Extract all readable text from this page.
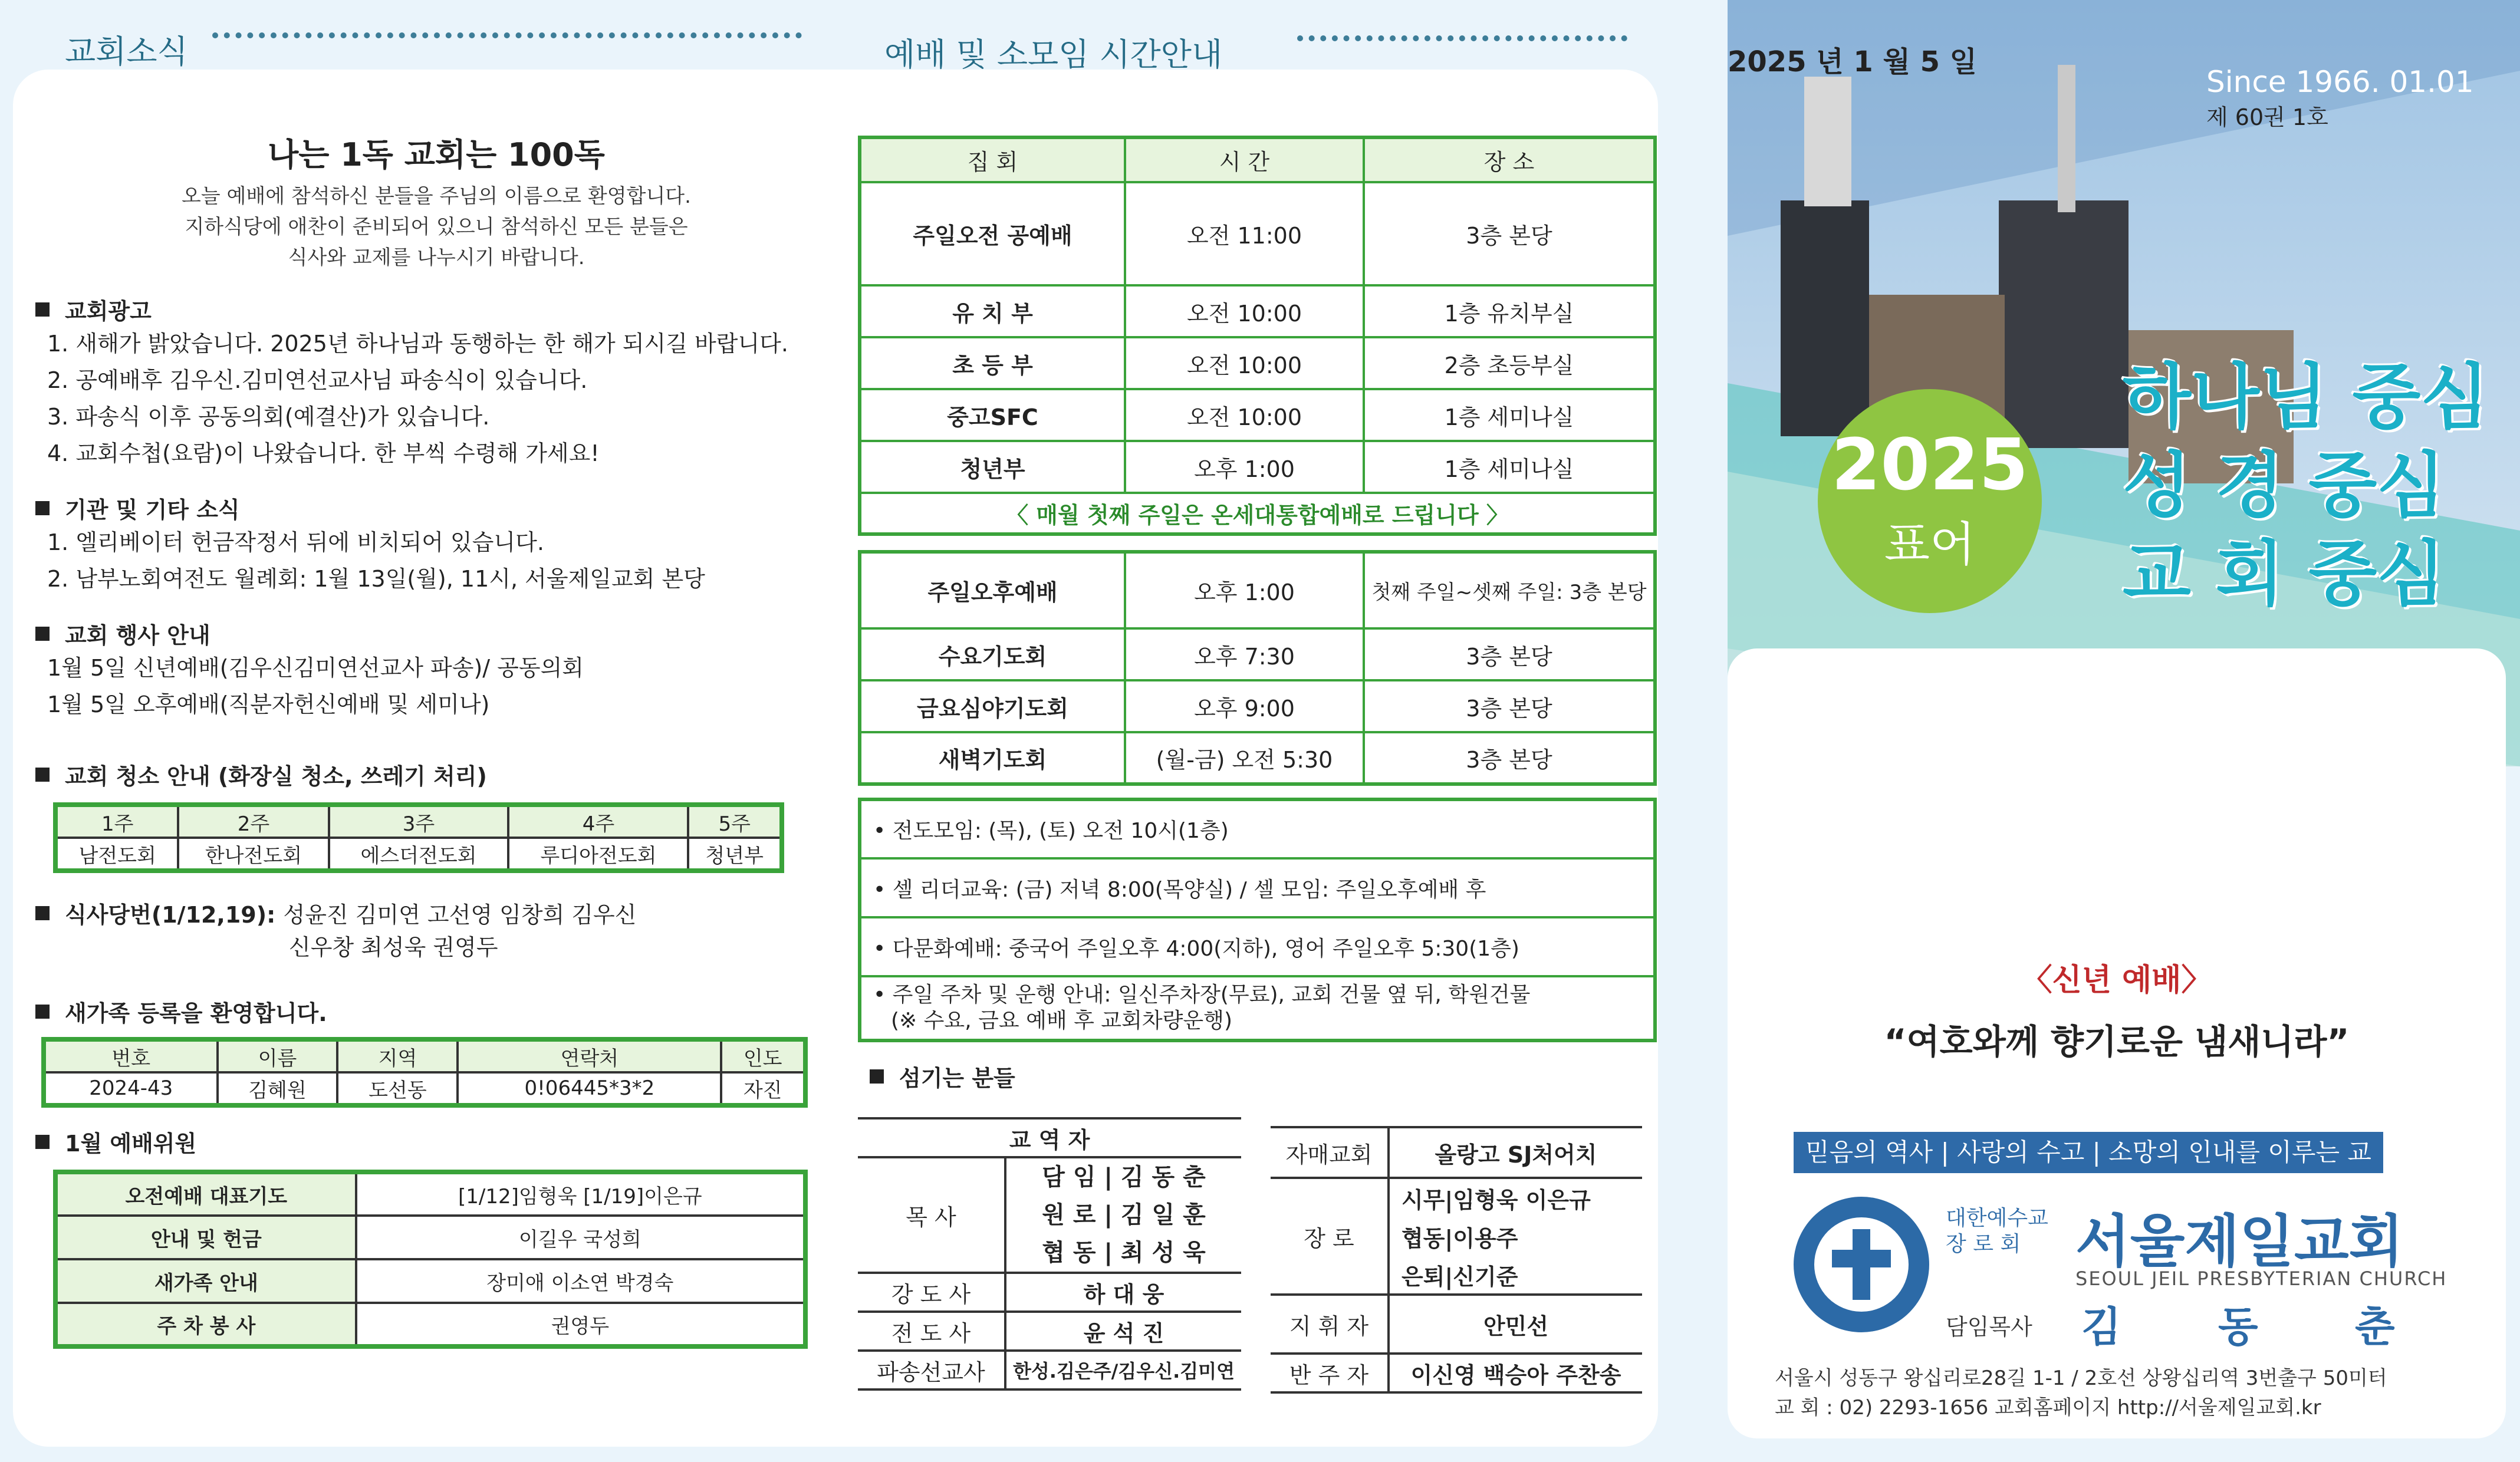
교회소식	예배 및 소모임 시간안내
나는 1독 교회는 100독
오늘 예배에 참석하신 분들을 주님의 이름으로 환영합니다.
지하식당에 애찬이 준비되어 있으니 참석하신 모든 분들은
식사와 교제를 나누시기 바랍니다.
교회광고
1. 새해가 밝았습니다. 2025년 하나님과 동행하는 한 해가 되시길 바랍니다.
2. 공예배후 김우신.김미연선교사님 파송식이 있습니다.
3. 파송식 이후 공동의회(예결산)가 있습니다.
4. 교회수첩(요람)이 나왔습니다. 한 부씩 수령해 가세요!
기관 및 기타 소식
1. 엘리베이터 헌금작정서 뒤에 비치되어 있습니다.
2. 남부노회여전도 월례회: 1월 13일(월), 11시, 서울제일교회 본당
교회 행사 안내
1월 5일 신년예배(김우신김미연선교사 파송)/ 공동의회
1월 5일 오후예배(직분자헌신예배 및 세미나)
교회 청소 안내 (화장실 청소, 쓰레기 처리)
1주	2주	3주	4주	5주
남전도회	한나전도회	에스더전도회	루디아전도회	청년부
식사당번(1/12,19):
성윤진 김미연 고선영 임창희 김우신
신우창 최성욱 권영두
새가족 등록을 환영합니다.
번호	이름	지역	연락처	인도
2024-43	김혜원	도선동	0!06445*3*2	자진
1월 예배위원
오전예배 대표기도	[1/12]임형욱 [1/19]이은규
안내 및 헌금	이길우 국성희
새가족 안내	장미애 이소연 박경숙
주 차 봉 사	권영두
집 회	시 간	장 소
주일오전 공예배	오전 11:00	3층 본당
유 치 부	오전 10:00	1층 유치부실
초 등 부	오전 10:00	2층 초등부실
중고SFC	오전 10:00	1층 세미나실
청년부	오후 1:00	1층 세미나실
〈 매월 첫째 주일은 온세대통합예배로 드립니다 〉		
주일오후예배	오후 1:00	첫째 주일~셋째 주일: 3층 본당
수요기도회	오후 7:30	3층 본당
금요심야기도회	오후 9:00	3층 본당
새벽기도회	(월-금) 오전 5:30	3층 본당
• 전도모임: (목), (토) 오전 10시(1층)
• 셀 리더교육: (금) 저녁 8:00(목양실) / 셀 모임: 주일오후예배 후
• 다문화예배: 중국어 주일오후 4:00(지하), 영어 주일오후 5:30(1층)

• 주일 주차 및 운행 안내: 일신주차장(무료), 교회 건물 옆 뒤, 학원건물
(※ 수요, 금요 예배 후 교회차량운행)
섬기는 분들
교 역 자	
목 사	담 임 | 김 동 춘
원 로 | 김 일 훈
협 동 | 최 성 욱

강 도 사	하 대 웅
전 도 사	윤 석 진
파송선교사	한성.김은주/김우신.김미연
자매교회	올랑고 SJ처어치
장 로	시무|임형욱 이은규
	협동|이용주
	은퇴|신기준
지 휘 자	안민선
반 주 자	이신영 백승아 주찬송
2025 년 1 월 5 일
Since 1966. 01.01
제 60권 1호
2025
표어
하나님 중심
성 경 중심
교 회 중심
〈신년 예배〉
“여호와께 향기로운 냄새니라”
믿음의 역사 | 사랑의 수고 | 소망의 인내를 이루는 교회
대한예수교
장 로 회 서울제일교회
SEOUL JEIL PRESBYTERIAN CHURCH
담임목사 김 동 춘
서울시 성동구 왕십리로28길 1-1 / 2호선 상왕십리역 3번출구 50미터
교 회 : 02) 2293-1656 교회홈페이지 http://서울제일교회.kr
